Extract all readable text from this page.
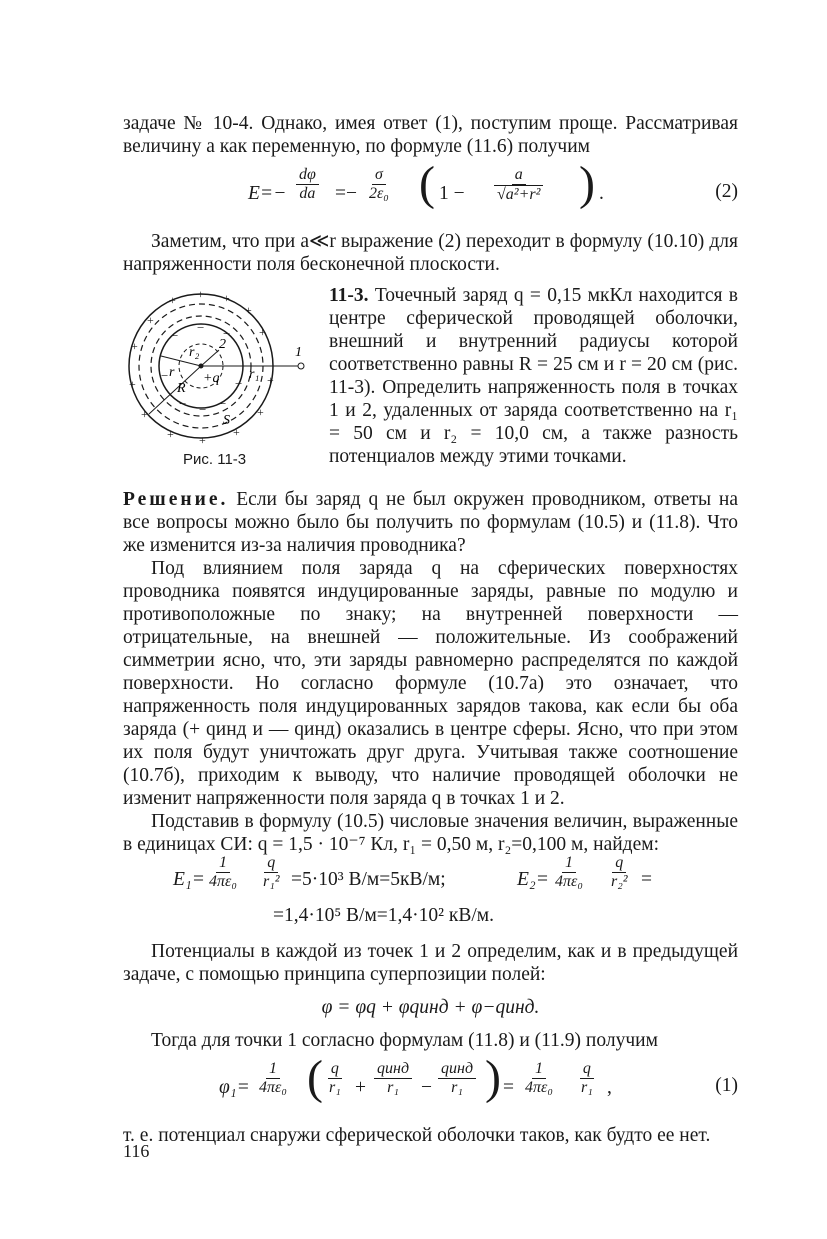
задаче № 10-4. Однако, имея ответ (1), поступим проще. Рассматривая величину a как переменную, по формуле (11.6) получим

$E=- \frac{d\varphi}{da} =- \frac{\sigma}{\text{2ε₀}}$ ( $1 - \frac{a}{\text{√a²+r²}}$ ) .	(2)

Заметим, что при a≪r выражение (2) переходит в формулу (10.10) для напряженности поля бесконечной плоскости.

r₂
2
r +q
R
r₁
1
S
+ +
+
+
+
+
+
+
+
+
+
+
+ +
− −
−
−
−
−
− −
Рис. 11-3

11-3. Точечный заряд q = 0,15 мкКл находится в центре сферической проводящей оболочки, внешний и внутренний радиусы которой соответственно равны R = 25 см и r = 20 см (рис. 11-3). Определить напряженность поля в точках 1 и 2, удаленных от заряда соответственно на r₁ = 50 см и r₂ = 10,0 см, а также разность потенциалов между этими точками.

Решение. Если бы заряд q не был окружен проводником, ответы на все вопросы можно было бы получить по формулам (10.5) и (11.8). Что же изменится из-за наличия проводника?

Под влиянием поля заряда q на сферических поверхностях проводника появятся индуцированные заряды, равные по модулю и противоположные по знаку; на внутренней поверхности —отрицательные, на внешней — положительные. Из соображений симметрии ясно, что, эти заряды равномерно распределятся по каждой поверхности. Но согласно формуле (10.7а) это означает, что напряженность поля индуцированных зарядов такова, как если бы оба заряда (+ qинд и — qинд) оказались в центре сферы. Ясно, что при этом их поля будут уничтожать друг друга. Учитывая также соотношение (10.7б), приходим к выводу, что наличие проводящей оболочки не изменит напряженности поля заряда q в точках 1 и 2.

Подставив в формулу (10.5) числовые значения величин, выраженные в единицах СИ: q = 1,5 · 10⁻⁷ Кл, r₁ = 0,50 м, r₂=0,100 м, найдем:

$E_1= \frac{1}{\text{4πε₀}} \frac{q}{\text{r₁²}} =5\cdot 10^3$ В/м=5кВ/м;	$E_2= \frac{1}{\text{4πε₀}} \frac{q}{\text{r₂²}}$ =
=1,4·10⁵ В/м=1,4·10² кВ/м.

Потенциалы в каждой из точек 1 и 2 определим, как и в предыдущей задаче, с помощью принципа суперпозиции полей:

φ = φq + φqинд + φ−qинд.

Тогда для точки 1 согласно формулам (11.8) и (11.9) получим

$\varphi_1= \frac{1}{\text{4πε₀}}$ ( $\frac{q}{\text{r₁}} + \frac{\text{qинд}}{\text{r₁}} - \frac{\text{qинд}}{\text{r₁}}$ ) = $\frac{1}{\text{4πε₀}} \frac{q}{\text{r₁}}$ ,	(1)

т. е. потенциал снаружи сферической оболочки таков, как будто ее нет.

116
